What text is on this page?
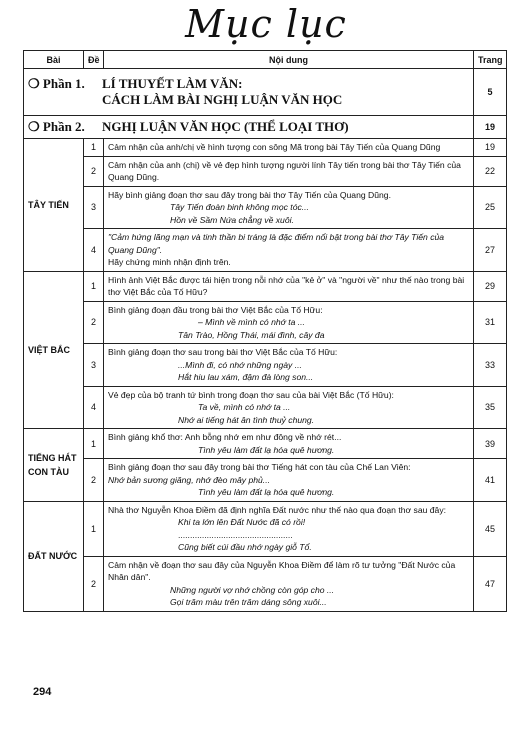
Mục lục
Bài	Đề	Nội dung	Trang

❍ Phần 1. LÍ THUYẾT LÀM VĂN:
CÁCH LÀM BÀI NGHỊ LUẬN VĂN HỌC			5
❍ Phần 2. NGHỊ LUẬN VĂN HỌC (THỂ LOẠI THƠ)			19
TÂY TIẾN	1	Cảm nhận của anh/chị về hình tượng con sông Mã trong bài Tây Tiến của Quang Dũng	19
	2	Cảm nhận của anh (chị) về vẻ đẹp hình tượng người lính Tây tiến trong bài thơ Tây Tiến của Quang Dũng.	22
	3	Hãy bình giảng đoạn thơ sau đây trong bài thơ Tây Tiến của Quang Dũng.
Tây Tiến đoàn binh không mọc tóc...
Hồn về Sầm Nứa chẳng về xuôi.	25
	4	"Cảm hứng lãng mạn và tinh thần bi tráng là đặc điểm nổi bật trong bài thơ Tây Tiến của Quang Dũng".
Hãy chứng minh nhận định trên.	27
VIỆT BẮC	1	Hình ảnh Việt Bắc được tái hiện trong nỗi nhớ của "kẻ ở" và "người về" như thế nào trong bài thơ Việt Bắc của Tố Hữu?	29
	2	Bình giảng đoạn đầu trong bài thơ Việt Bắc của Tố Hữu:
– Mình về mình có nhớ ta ...
Tân Trào, Hồng Thái, mái đình, cây đa	31
	3	Bình giảng đoạn thơ sau trong bài thơ Việt Bắc của Tố Hữu:
...Mình đi, có nhớ những ngày ...
Hắt hiu lau xám, đậm đà lòng son...	33
	4	Vẻ đẹp của bộ tranh tứ bình trong đoạn thơ sau của bài Việt Bắc (Tố Hữu):
Ta về, mình có nhớ ta ...
Nhớ ai tiếng hát ân tình thuỷ chung.	35
TIẾNG HÁT CON TÀU	1	Bình giảng khổ thơ: Anh bỗng nhớ em như đông về nhớ rét...
Tình yêu làm đất lạ hóa quê hương.	39
	2	Bình giảng đoạn thơ sau đây trong bài thơ Tiếng hát con tàu của Chế Lan Viên:
Nhớ bản sương giăng, nhớ đèo mây phủ...
Tình yêu làm đất lạ hóa quê hương.	41
ĐẤT NƯỚC	1	Nhà thơ Nguyễn Khoa Điềm đã định nghĩa Đất nước như thế nào qua đoạn thơ sau đây:
Khi ta lớn lên Đất Nước đã có rồi!
................................................
Cũng biết cúi đầu nhớ ngày giỗ Tổ.	45
	2	Cảm nhận về đoạn thơ sau đây của Nguyễn Khoa Điềm để làm rõ tư tưởng "Đất Nước của Nhân dân".
Những người vợ nhớ chồng còn góp cho ...
Gọi trăm màu trên trăm dáng sông xuôi...	47
294
